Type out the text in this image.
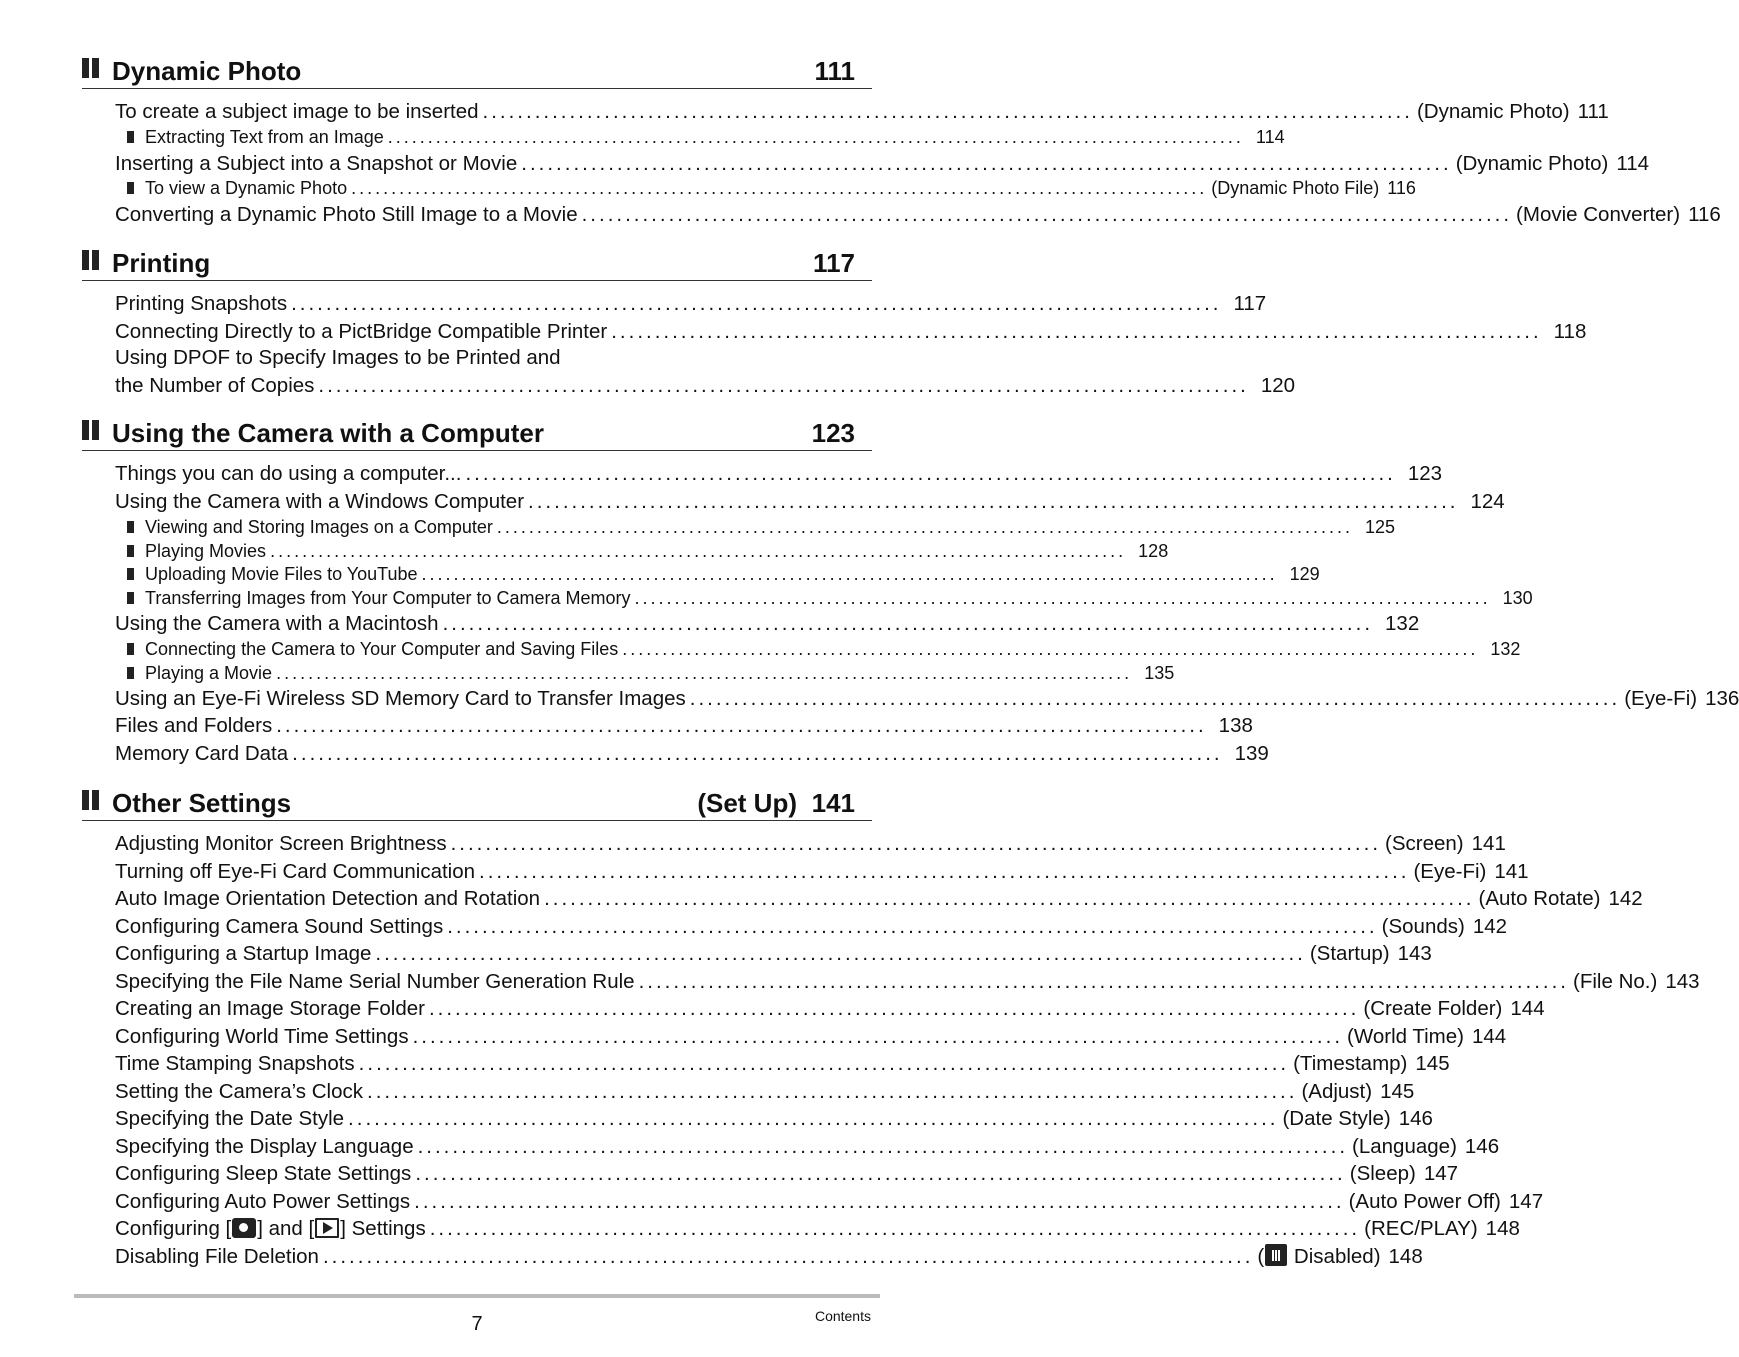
Dynamic Photo	111
To create a subject image to be inserted ........................................................................................................... (Dynamic Photo) 111
Extracting Text from an Image ........................................................................................................... 114
Inserting a Subject into a Snapshot or Movie ........................................................................................................... (Dynamic Photo) 114
To view a Dynamic Photo ........................................................................................................... (Dynamic Photo File) 116
Converting a Dynamic Photo Still Image to a Movie ........................................................................................................... (Movie Converter) 116
Printing	117
Printing Snapshots ........................................................................................................... 117
Connecting Directly to a PictBridge Compatible Printer ........................................................................................................... 118
Using DPOF to Specify Images to be Printed and
the Number of Copies ........................................................................................................... 120
Using the Camera with a Computer	123
Things you can do using a computer... ........................................................................................................... 123
Using the Camera with a Windows Computer ........................................................................................................... 124
Viewing and Storing Images on a Computer ........................................................................................................... 125
Playing Movies ........................................................................................................... 128
Uploading Movie Files to YouTube ........................................................................................................... 129
Transferring Images from Your Computer to Camera Memory ........................................................................................................... 130
Using the Camera with a Macintosh ........................................................................................................... 132
Connecting the Camera to Your Computer and Saving Files ........................................................................................................... 132
Playing a Movie ........................................................................................................... 135
Using an Eye-Fi Wireless SD Memory Card to Transfer Images ........................................................................................................... (Eye-Fi) 136
Files and Folders ........................................................................................................... 138
Memory Card Data ........................................................................................................... 139
Other Settings	(Set Up) 141
Adjusting Monitor Screen Brightness ........................................................................................................... (Screen) 141
Turning off Eye-Fi Card Communication ........................................................................................................... (Eye-Fi) 141
Auto Image Orientation Detection and Rotation ........................................................................................................... (Auto Rotate) 142
Configuring Camera Sound Settings ........................................................................................................... (Sounds) 142
Configuring a Startup Image ........................................................................................................... (Startup) 143
Specifying the File Name Serial Number Generation Rule ........................................................................................................... (File No.) 143
Creating an Image Storage Folder ........................................................................................................... (Create Folder) 144
Configuring World Time Settings ........................................................................................................... (World Time) 144
Time Stamping Snapshots ........................................................................................................... (Timestamp) 145
Setting the Camera’s Clock ........................................................................................................... (Adjust) 145
Specifying the Date Style ........................................................................................................... (Date Style) 146
Specifying the Display Language ........................................................................................................... (Language) 146
Configuring Sleep State Settings ........................................................................................................... (Sleep) 147
Configuring Auto Power Settings ........................................................................................................... (Auto Power Off) 147
Configuring [ ] and [ ] Settings ........................................................................................................... (REC/PLAY) 148
Disabling File Deletion ........................................................................................................... ( Disabled) 148
7	Contents
